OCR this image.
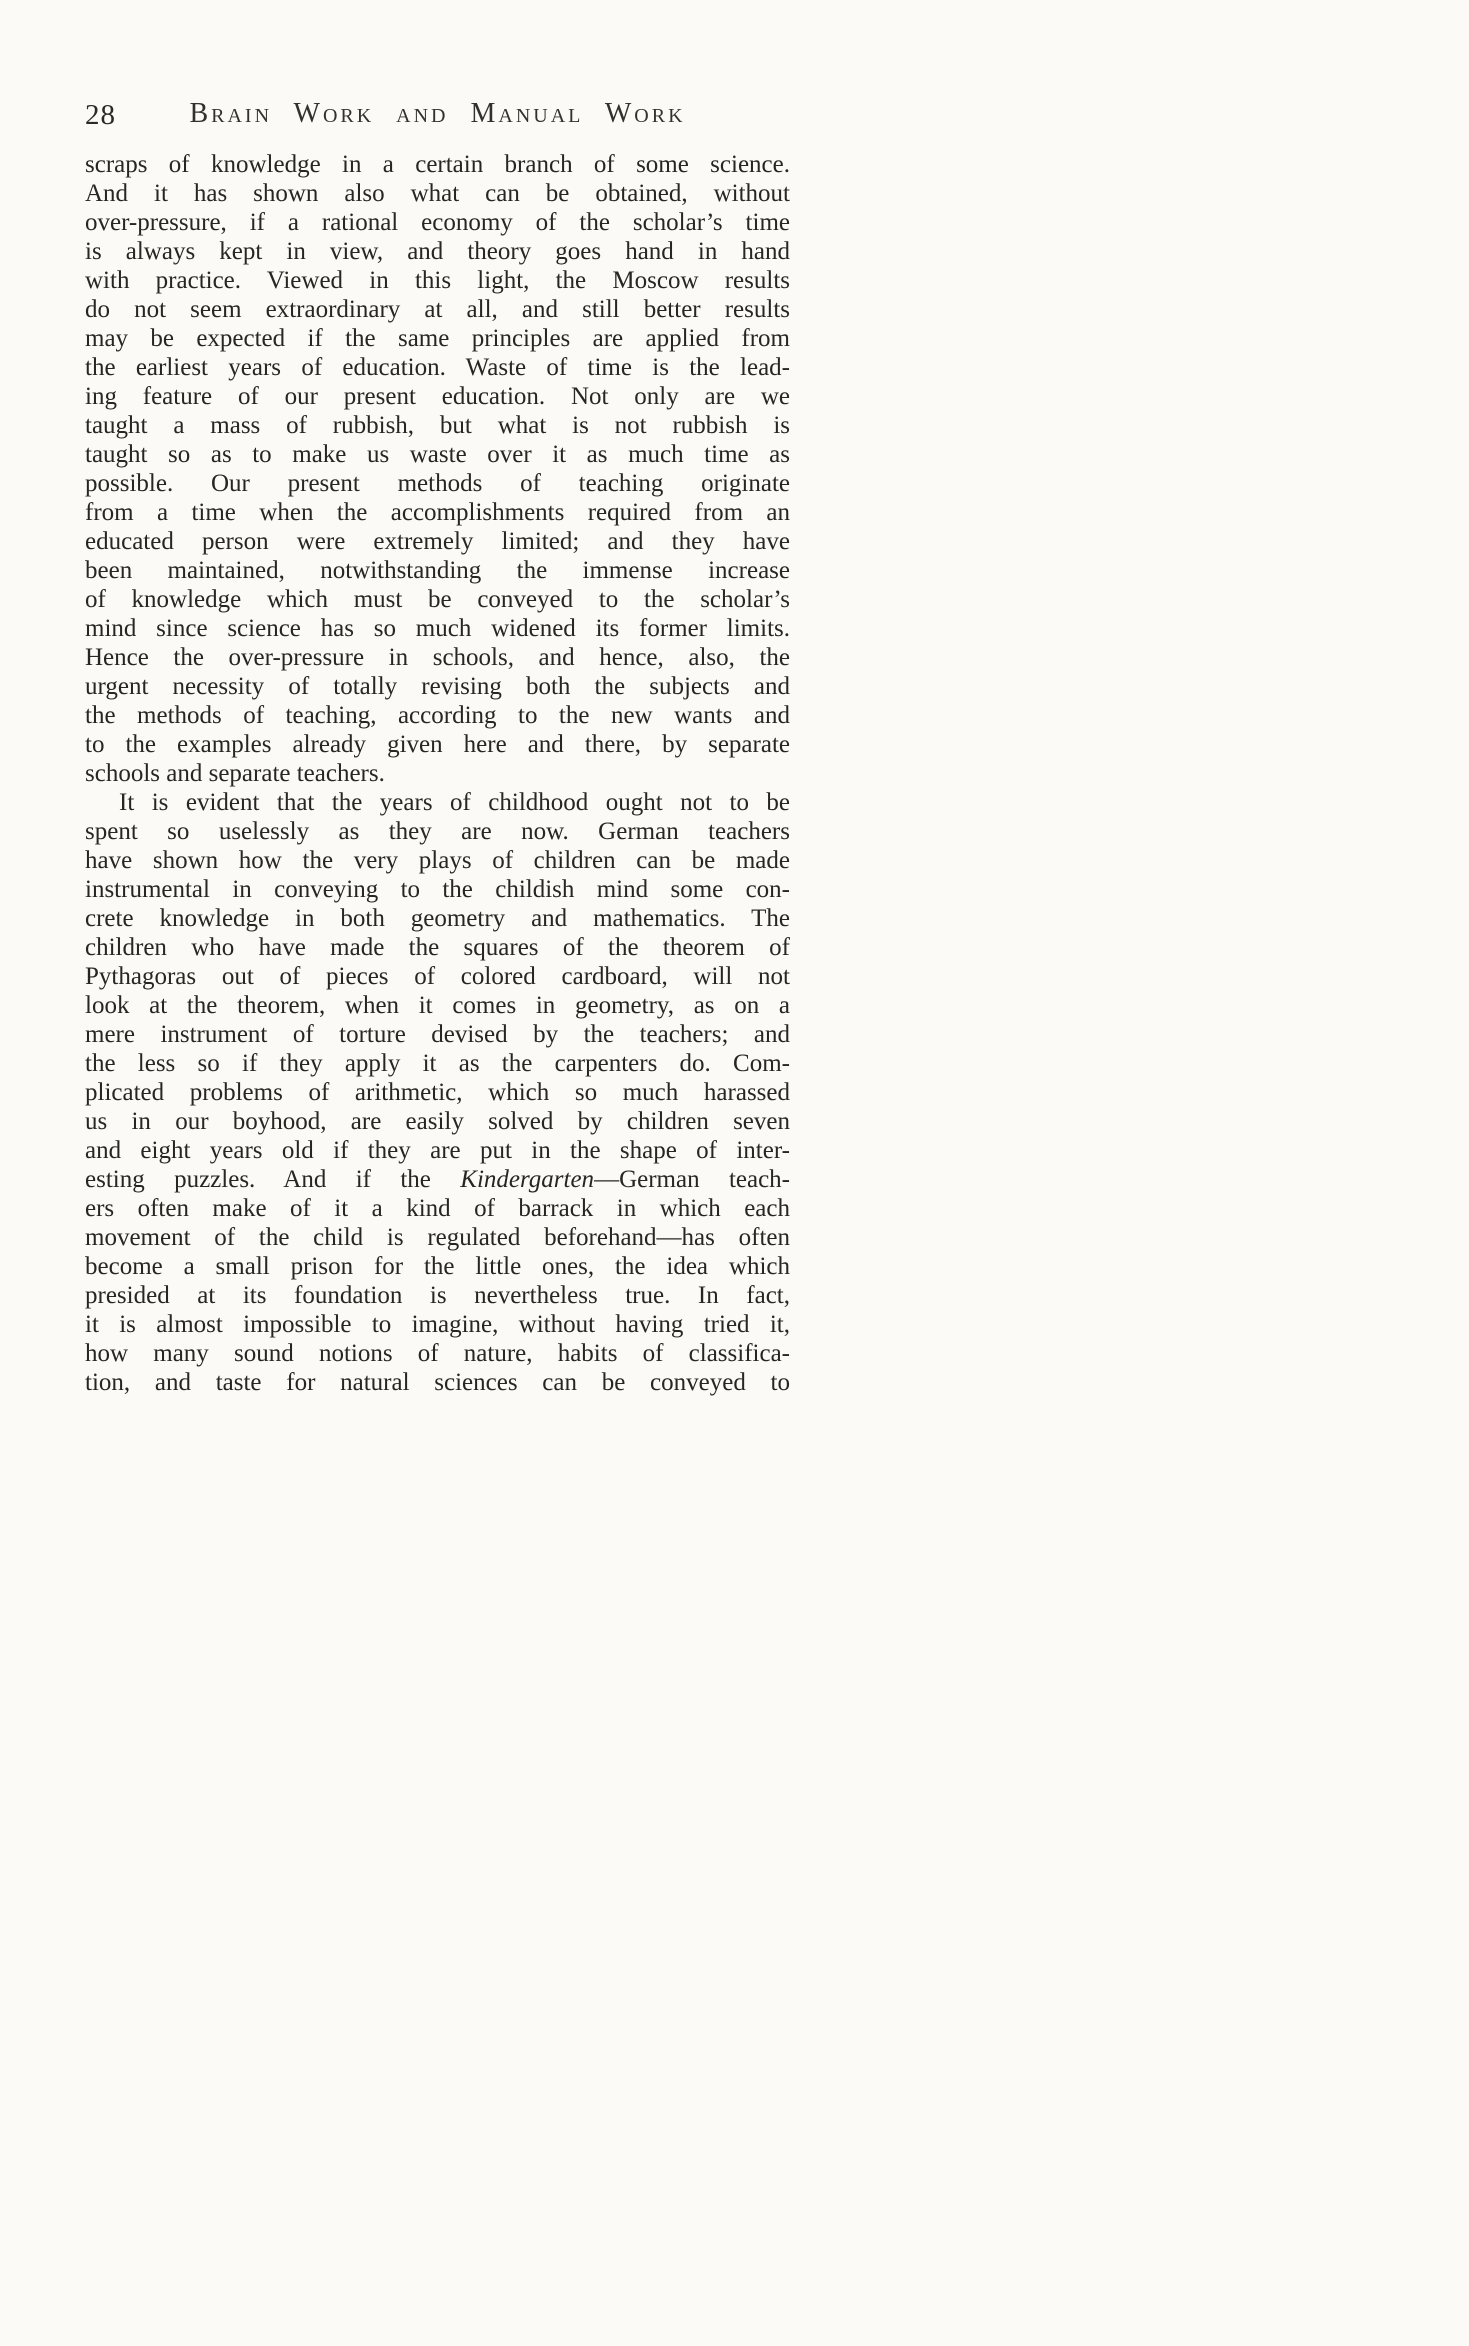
28	Brain Work and Manual Work
scraps of knowledge in a certain branch of some science.
And it has shown also what can be obtained, without
over-pressure, if a rational economy of the scholar’s time
is always kept in view, and theory goes hand in hand
with practice. Viewed in this light, the Moscow results
do not seem extraordinary at all, and still better results
may be expected if the same principles are applied from
the earliest years of education. Waste of time is the lead-
ing feature of our present education. Not only are we
taught a mass of rubbish, but what is not rubbish is
taught so as to make us waste over it as much time as
possible. Our present methods of teaching originate
from a time when the accomplishments required from an
educated person were extremely limited; and they have
been maintained, notwithstanding the immense increase
of knowledge which must be conveyed to the scholar’s
mind since science has so much widened its former limits.
Hence the over-pressure in schools, and hence, also, the
urgent necessity of totally revising both the subjects and
the methods of teaching, according to the new wants and
to the examples already given here and there, by separate
schools and separate teachers.
It is evident that the years of childhood ought not to be
spent so uselessly as they are now. German teachers
have shown how the very plays of children can be made
instrumental in conveying to the childish mind some con-
crete knowledge in both geometry and mathematics. The
children who have made the squares of the theorem of
Pythagoras out of pieces of colored cardboard, will not
look at the theorem, when it comes in geometry, as on a
mere instrument of torture devised by the teachers; and
the less so if they apply it as the carpenters do. Com-
plicated problems of arithmetic, which so much harassed
us in our boyhood, are easily solved by children seven
and eight years old if they are put in the shape of inter-
esting puzzles. And if the Kindergarten—German teach-
ers often make of it a kind of barrack in which each
movement of the child is regulated beforehand—has often
become a small prison for the little ones, the idea which
presided at its foundation is nevertheless true. In fact,
it is almost impossible to imagine, without having tried it,
how many sound notions of nature, habits of classifica-
tion, and taste for natural sciences can be conveyed to
